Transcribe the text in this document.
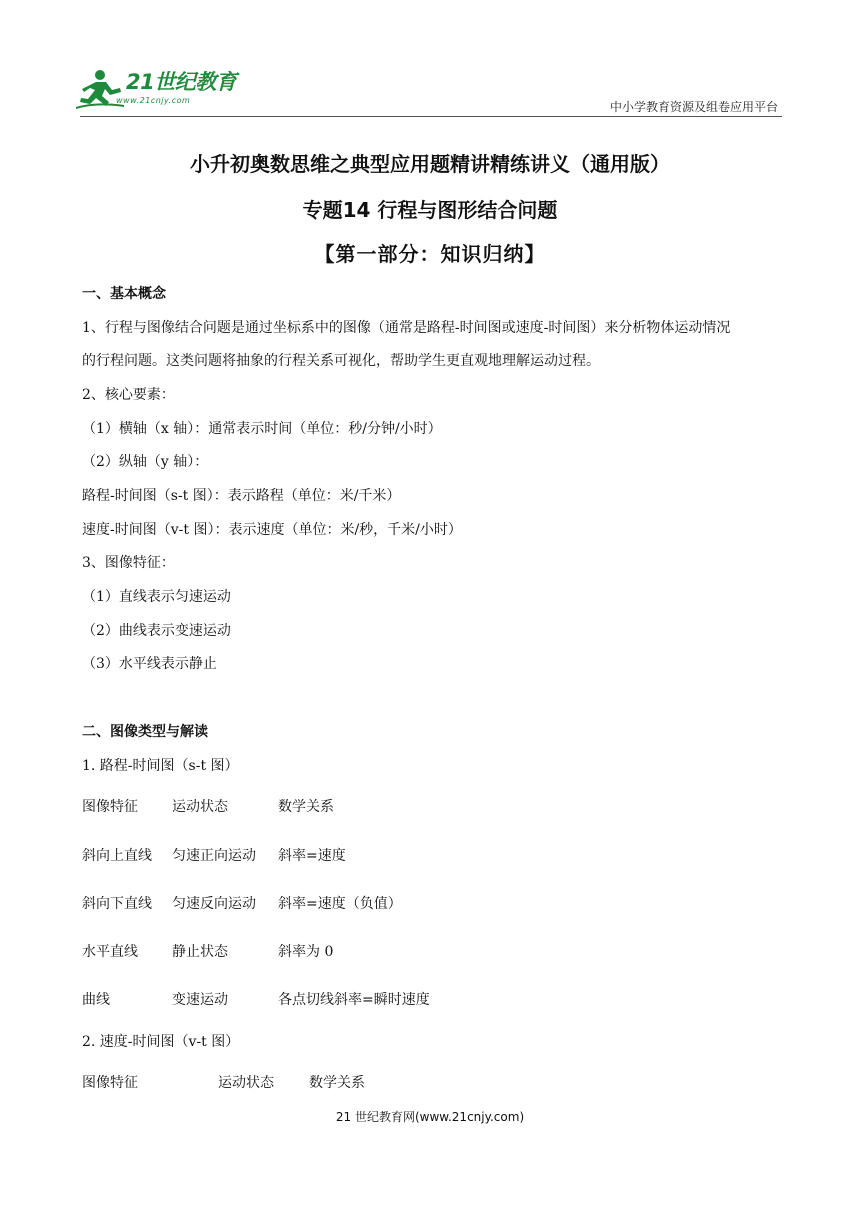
21世纪教育
www.21cnjy.com	中小学教育资源及组卷应用平台
小升初奥数思维之典型应用题精讲精练讲义（通用版）
专题14 行程与图形结合问题
【第一部分：知识归纳】
一、基本概念
1、行程与图像结合问题是通过坐标系中的图像（通常是路程-时间图或速度-时间图）来分析物体运动情况
的行程问题。这类问题将抽象的行程关系可视化，帮助学生更直观地理解运动过程。
2、核心要素：
（1）横轴（x 轴）：通常表示时间（单位：秒/分钟/小时）
（2）纵轴（y 轴）：
路程-时间图（s-t 图）：表示路程（单位：米/千米）
速度-时间图（v-t 图）：表示速度（单位：米/秒，千米/小时）
3、图像特征：
（1）直线表示匀速运动
（2）曲线表示变速运动
（3）水平线表示静止
二、图像类型与解读
1. 路程-时间图（s-t 图）
图像特征 运动状态	数学关系
斜向上直线 匀速正向运动 斜率=速度
斜向下直线 匀速反向运动 斜率=速度（负值）
水平直线 静止状态	斜率为 0
曲线	变速运动	各点切线斜率=瞬时速度
2. 速度-时间图（v-t 图）
图像特征	运动状态	数学关系
21 世纪教育网(www.21cnjy.com)
